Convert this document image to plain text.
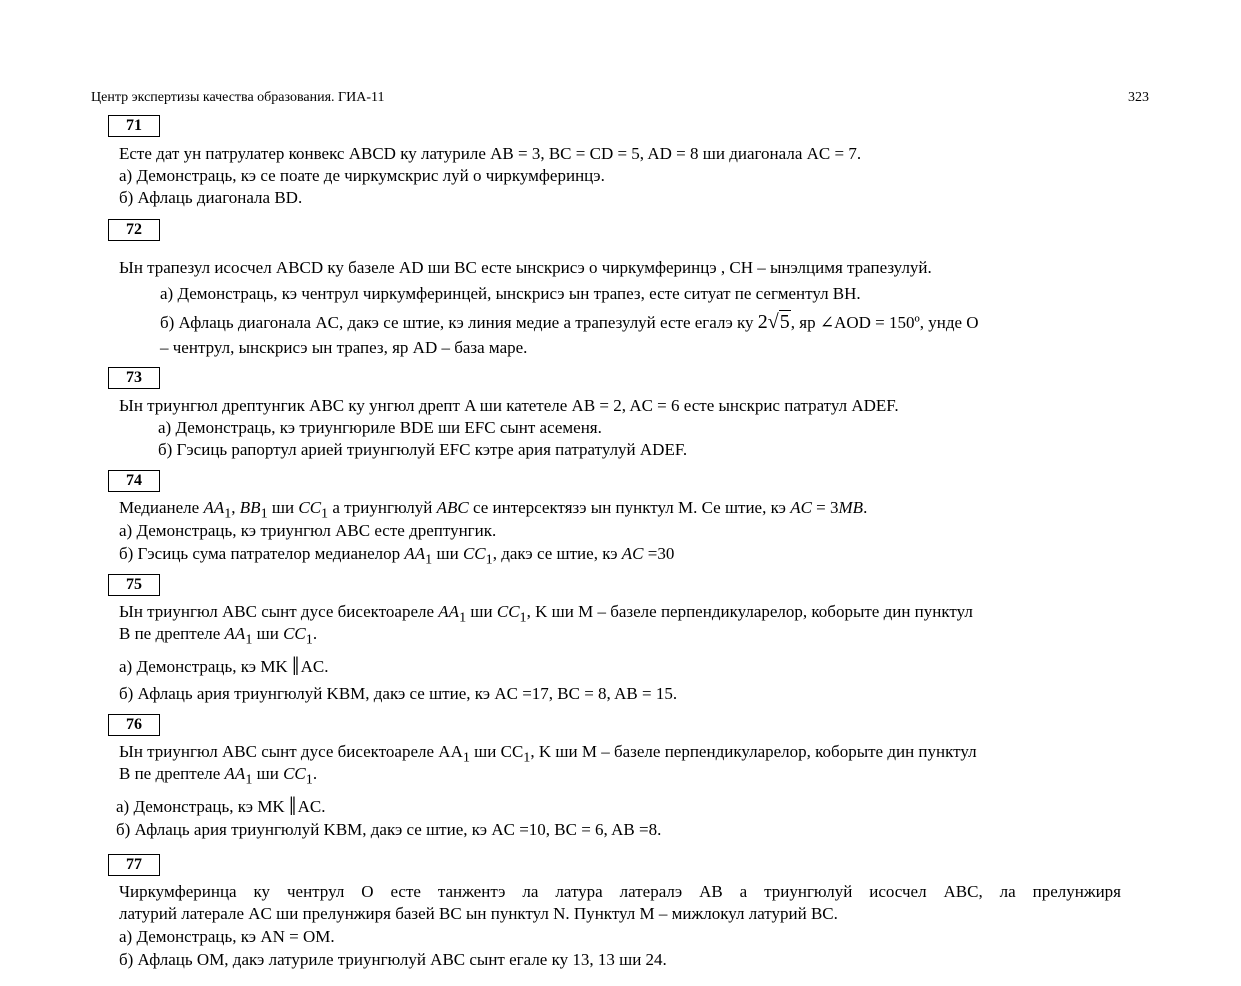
Центр экспертизы качества образования. ГИА-11	323
71
Есте дат ун патрулатер конвекс ABCD ку латуриле AB = 3, BC = CD = 5, AD = 8 ши диагонала AC = 7.
а) Демонстраць, кэ се поате де чиркумскрис луй о чиркумферинцэ.
б) Афлаць диагонала BD.
72
Ын трапезул исосчел ABCD ку базеле AD ши BC есте ынскрисэ о чиркумферинцэ , CH – ынэлцимя трапезулуй.
а) Демонстраць, кэ чентрул чиркумферинцей, ынскрисэ ын трапез, есте ситуат пе сегментул BH.
б) Афлаць диагонала AC, дакэ се штие, кэ линия медие а трапезулуй есте егалэ ку 2√5, яр ∠AOD = 150º, унде O
– чентрул, ынскрисэ ын трапез, яр AD – база маре.
73
Ын триунгюл дрептунгик ABC ку унгюл дрепт A ши катетеле AB = 2, AC = 6 есте ынскрис патратул ADEF.
а) Демонстраць, кэ триунгюриле BDE ши EFC сынт асеменя.
б) Гэсиць рапортул арией триунгюлуй EFC кэтре ария патратулуй ADEF.
74
Медианеле $AA_1$, $BB_1$ ши $CC_1$ а триунгюлуй ABC се интерсектязэ ын пунктул M. Се штие, кэ AC = 3MB.
а) Демонстраць, кэ триунгюл ABC есте дрептунгик.
б) Гэсиць сума патрателор медианелор $AA_1$ ши $CC_1$, дакэ се штие, кэ AC =30
75
Ын триунгюл ABC сынт дусе бисектоареле $AA_1$ ши $CC_1$, K ши M – базеле перпендикуларелор, коборыте дин пунктул
B пе дрептеле $AA_1$ ши $CC_1$.
а) Демонстраць, кэ MK ‖ AC.
б) Афлаць ария триунгюлуй KBM, дакэ се штие, кэ AC =17, BC = 8, AB = 15.
76
Ын триунгюл ABC сынт дусе бисектоареле $AA_1$ ши $CC_1$, K ши M – базеле перпендикуларелор, коборыте дин пунктул
B пе дрептеле $AA_1$ ши $CC_1$.
а) Демонстраць, кэ MK ‖ AC.
б) Афлаць ария триунгюлуй KBM, дакэ се штие, кэ AC =10, BC = 6, AB =8.
77
Чиркумферинца ку чентрул O есте танжентэ ла латура латералэ AB а триунгюлуй исосчел ABC, ла прелунжиря
латурий латерале AC ши прелунжиря базей BC ын пунктул N. Пунктул M – мижлокул латурий BC.
а) Демонстраць, кэ AN = OM.
б) Афлаць OM, дакэ латуриле триунгюлуй ABC сынт егале ку 13, 13 ши 24.
